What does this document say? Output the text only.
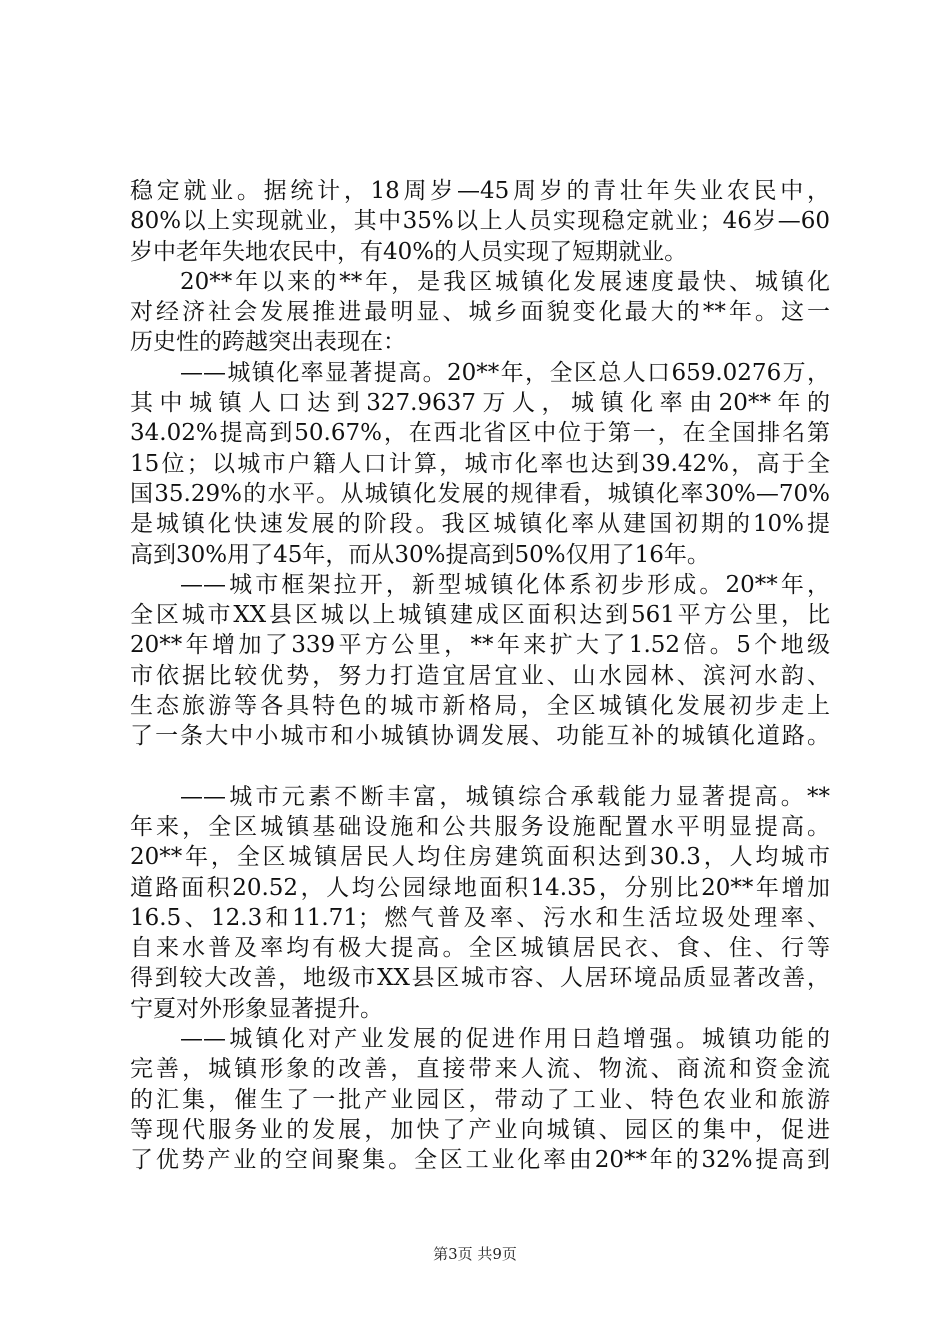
稳定就业。据统计，18周岁—45周岁的青壮年失业农民中，
80%以上实现就业，其中35%以上人员实现稳定就业；46岁—60
岁中老年失地农民中，有40%的人员实现了短期就业。
20**年以来的**年，是我区城镇化发展速度最快、城镇化
对经济社会发展推进最明显、城乡面貌变化最大的**年。这一
历史性的跨越突出表现在：
——城镇化率显著提高。20**年，全区总人口659.0276万，
其中城镇人口达到327.9637万人，城镇化率由20**年的
34.02%提高到50.67%，在西北省区中位于第一，在全国排名第
15位；以城市户籍人口计算，城市化率也达到39.42%，高于全
国35.29%的水平。从城镇化发展的规律看，城镇化率30%—70%
是城镇化快速发展的阶段。我区城镇化率从建国初期的10%提
高到30%用了45年，而从30%提高到50%仅用了16年。
——城市框架拉开，新型城镇化体系初步形成。20**年，
全区城市XX县区城以上城镇建成区面积达到561平方公里，比
20**年增加了339平方公里，**年来扩大了1.52倍。5个地级
市依据比较优势，努力打造宜居宜业、山水园林、滨河水韵、
生态旅游等各具特色的城市新格局，全区城镇化发展初步走上
了一条大中小城市和小城镇协调发展、功能互补的城镇化道路。
——城市元素不断丰富，城镇综合承载能力显著提高。**
年来，全区城镇基础设施和公共服务设施配置水平明显提高。
20**年，全区城镇居民人均住房建筑面积达到30.3，人均城市
道路面积20.52，人均公园绿地面积14.35，分别比20**年增加
16.5、12.3和11.71；燃气普及率、污水和生活垃圾处理率、
自来水普及率均有极大提高。全区城镇居民衣、食、住、行等
得到较大改善，地级市XX县区城市容、人居环境品质显著改善，
宁夏对外形象显著提升。
——城镇化对产业发展的促进作用日趋增强。城镇功能的
完善，城镇形象的改善，直接带来人流、物流、商流和资金流
的汇集，催生了一批产业园区，带动了工业、特色农业和旅游
等现代服务业的发展，加快了产业向城镇、园区的集中，促进
了优势产业的空间聚集。全区工业化率由20**年的32%提高到
第3页 共9页
